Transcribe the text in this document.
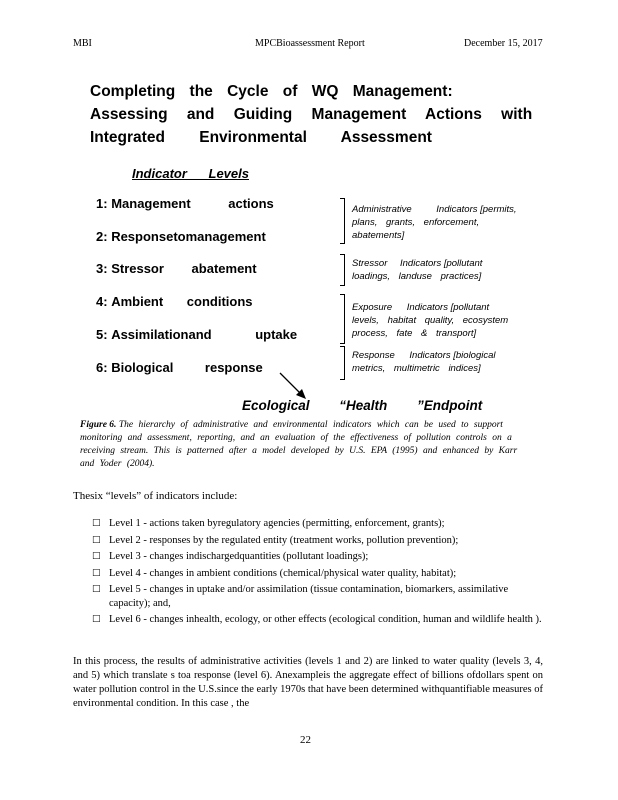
MBI	MPCBioassessment Report	December 15, 2017
Completing the Cycle of WQ Management:
Assessing and Guiding Management Actions with
Integrated Environmental Assessment
Indicator Levels
1: Management actions
2: Responsetomanagement
3: Stressor abatement
4: Ambient conditions
5: Assimilationand uptake
6: Biological response
Administrative Indicators [permits, plans, grants, enforcement, abatements]
Stressor Indicators [pollutant loadings, landuse practices]
Exposure Indicators [pollutant levels, habitat quality, ecosystem process, fate & transport]
Response Indicators [biological metrics, multimetric indices]
Ecological “Health ”Endpoint
Figure 6. The hierarchy of administrative and environmental indicators which can be used to support monitoring and assessment, reporting, and an evaluation of the effectiveness of pollution controls on a receiving stream. This is patterned after a model developed by U.S. EPA (1995) and enhanced by Karr and Yoder (2004).
Thesix “levels” of indicators include:
□ Level 1 - actions taken byregulatory agencies (permitting, enforcement, grants);
□ Level 2 - responses by the regulated entity (treatment works, pollution prevention);
□ Level 3 - changes indischargedquantities (pollutant loadings);
□ Level 4 - changes in ambient conditions (chemical/physical water quality, habitat);
□ Level 5 - changes in uptake and/or assimilation (tissue contamination, biomarkers, assimilative capacity); and,
□ Level 6 - changes inhealth, ecology, or other effects (ecological condition, human and wildlife health ).
In this process, the results of administrative activities (levels 1 and 2) are linked to water quality (levels 3, 4, and 5) which translate s toa response (level 6). Anexampleis the aggregate effect of billions ofdollars spent on water pollution control in the U.S.since the early 1970s that have been determined withquantifiable measures of environmental condition. In this case , the
22
